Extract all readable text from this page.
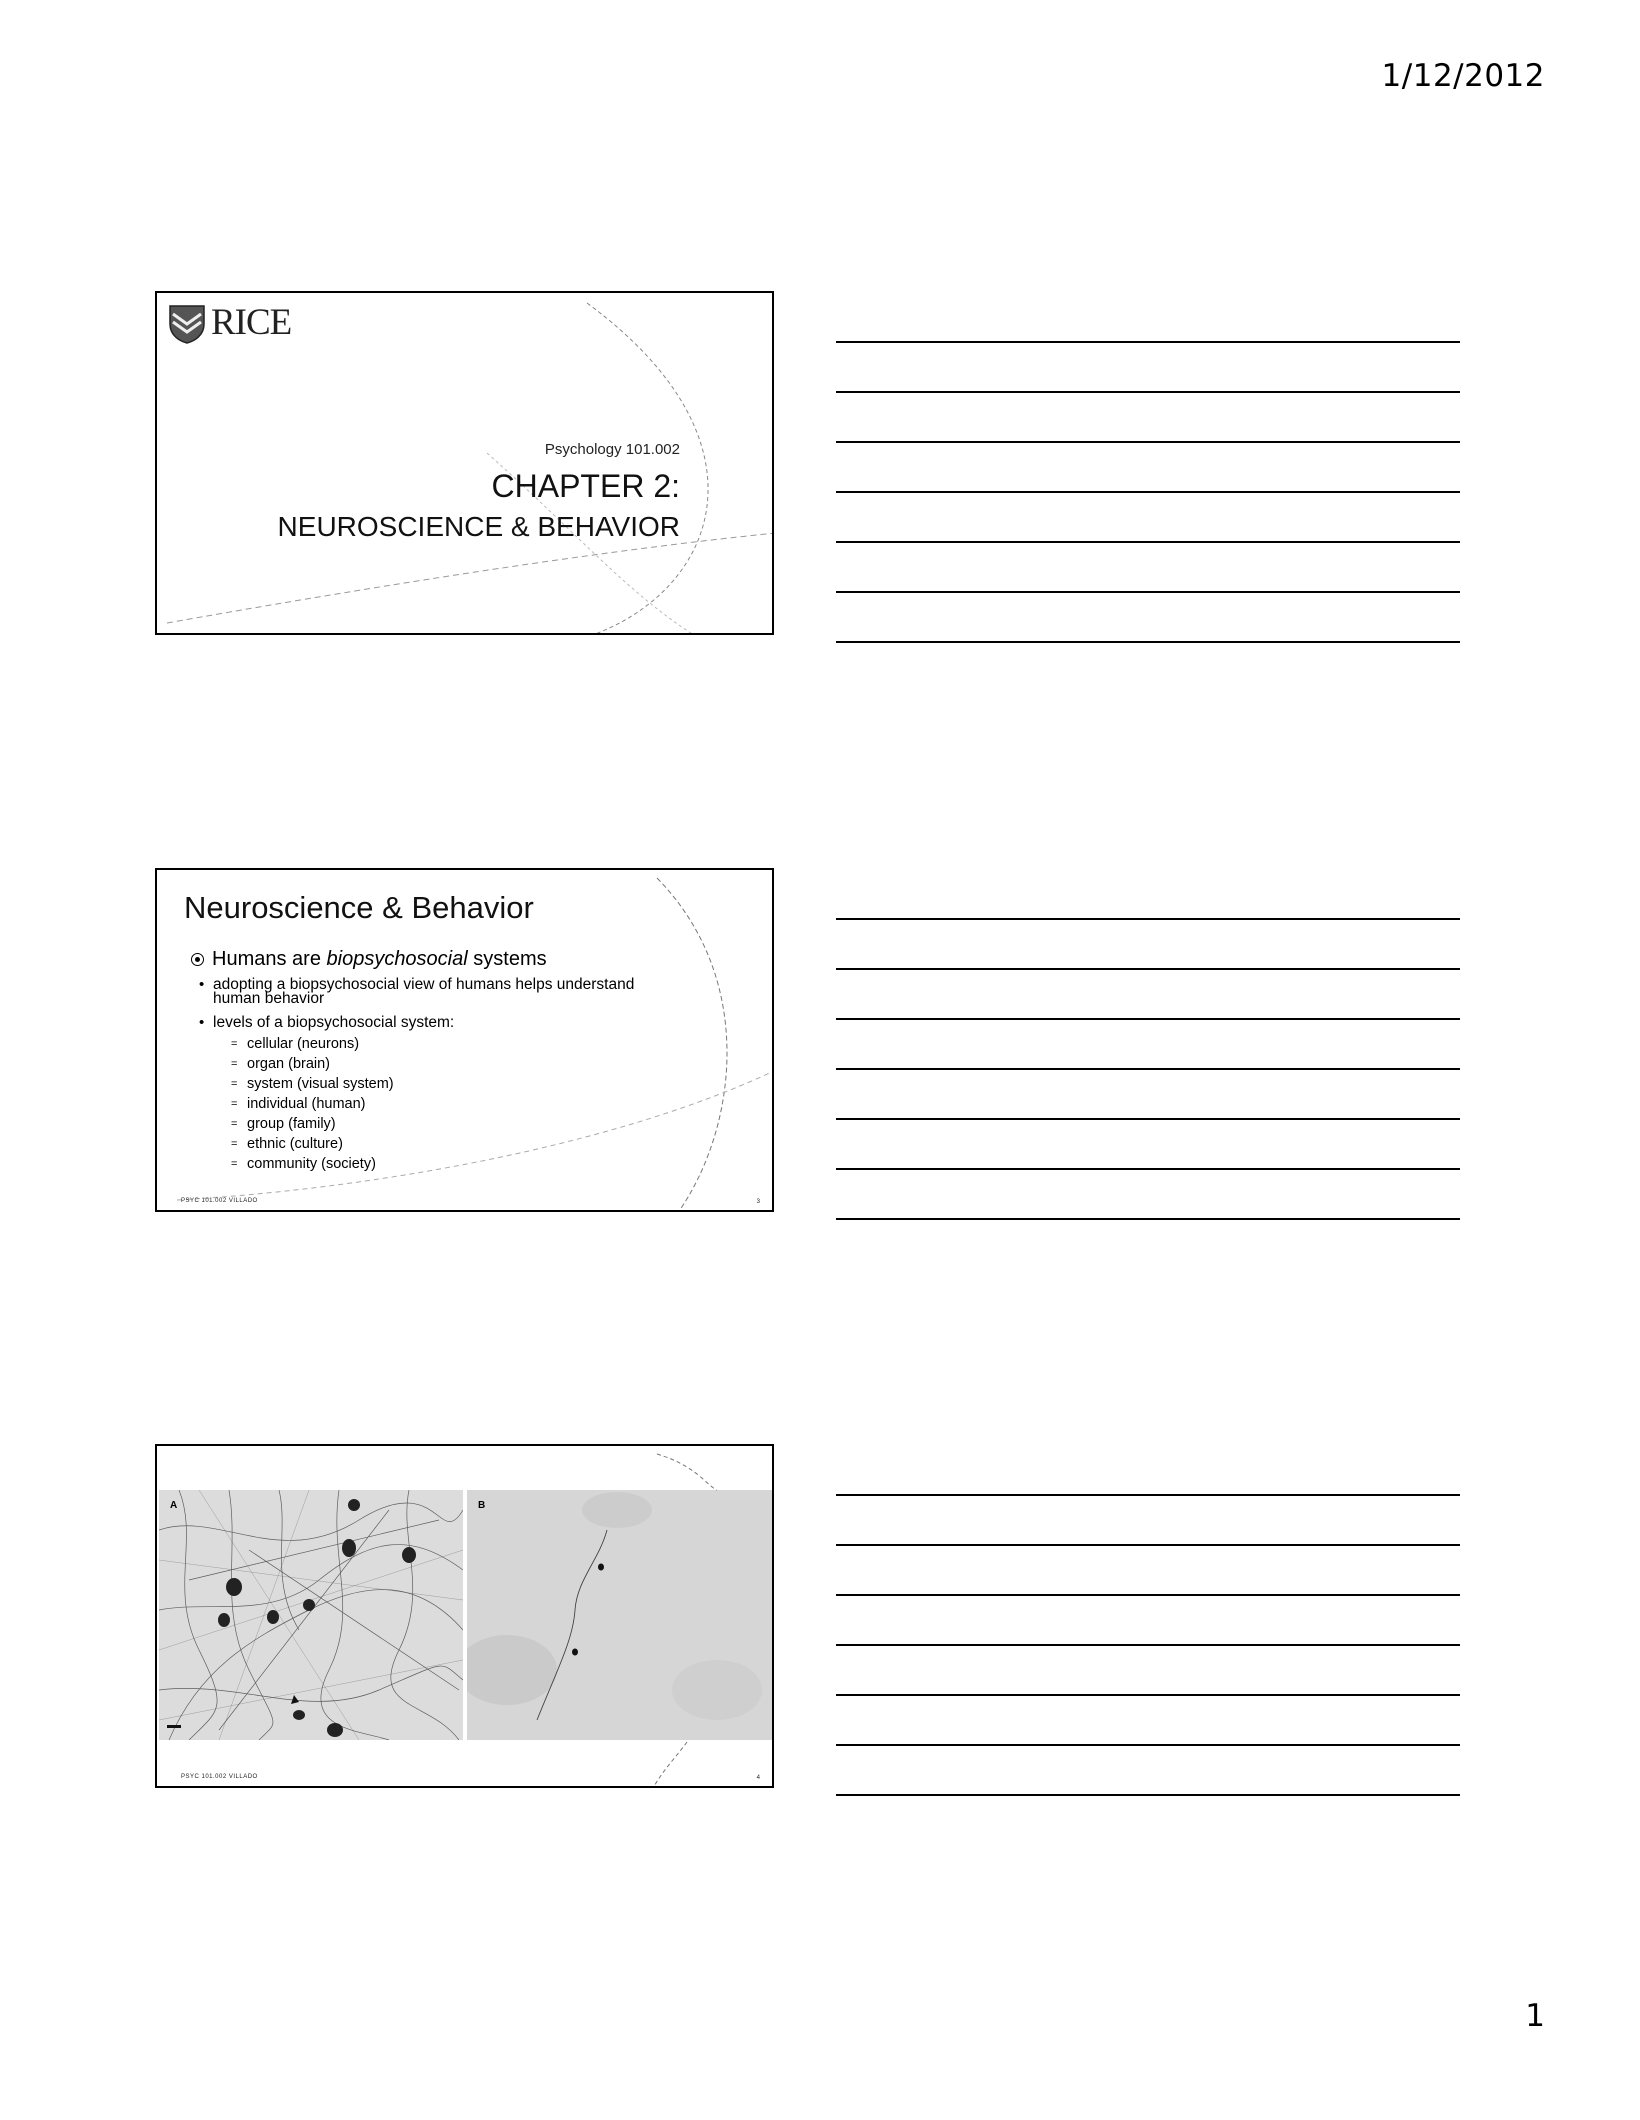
1/12/2012
RICE
Psychology 101.002
CHAPTER 2:
NEUROSCIENCE & BEHAVIOR
Neuroscience & Behavior
Humans are biopsychosocial systems
• adopting a biopsychosocial view of humans helps understand
human behavior
• levels of a biopsychosocial system:
= cellular (neurons)
= organ (brain)
= system (visual system)
= individual (human)
= group (family)
= ethnic (culture)
= community (society)
PSYC 101.002 VILLADO	3
A	B
PSYC 101.002 VILLADO	4
1
